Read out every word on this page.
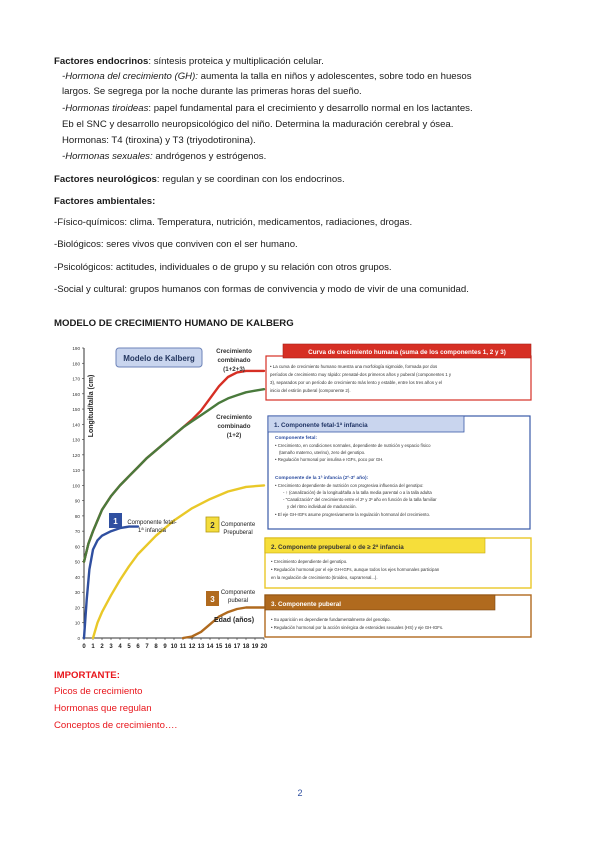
Factores endocrinos: síntesis proteica y multiplicación celular.
-Hormona del crecimiento (GH): aumenta la talla en niños y adolescentes, sobre todo en huesos
largos. Se segrega por la noche durante las primeras horas del sueño.
-Hormonas tiroideas: papel fundamental para el crecimiento y desarrollo normal en los lactantes.
Eb el SNC y desarrollo neuropsicológico del niño. Determina la maduración cerebral y ósea.
Hormonas: T4 (tiroxina) y T3 (triyodotironina).
-Hormonas sexuales: andrógenos y estrógenos.
Factores neurológicos: regulan y se coordinan con los endocrinos.
Factores ambientales:
-Físico-químicos: clima. Temperatura, nutrición, medicamentos, radiaciones, drogas.
-Biológicos: seres vivos que conviven con el ser humano.
-Psicológicos: actitudes, individuales o de grupo y su relación con otros grupos.
-Social y cultural: grupos humanos con formas de convivencia y modo de vivir de una comunidad.
MODELO DE CRECIMIENTO HUMANO DE KALBERG
0
10
20
30
40
50
60
70
80
90
100
110
120
130
140
150
160
170
180
190
0 1 2 3 4 5 6 7 8 9 10 11 12 13 14 15 16 17 18 19 20
Modelo de Kalberg
Crecimiento
combinado
(1+2+3)
Crecimiento
combinado
(1+2)
1 Componente fetal-
1ª infancia
2 Componente
Prepuberal
3
Componente
puberal
Curva de crecimiento humana (suma de los componentes 1, 2 y 3)
• La curva de crecimiento humano muestra una morfología sigmoide, formada por dos
períodos de crecimiento muy rápido: prenatal-dos primeros años y puberal (componentes 1 y
3), separados por un período de crecimiento más lento y estable, entre los tres años y el
inicio del estirón puberal (componente 2).
1. Componente fetal-1ª infancia
Componente fetal:
• Crecimiento, en condiciones normales, dependiente de nutrición y espacio físico
(tamaño materno, uterino), zero del genotipo.
• Regulación hormonal por insulina e IGFs, poco por GH.
Componente de la 1ª infancia (2º-3º año):
• Crecimiento dependiente de nutrición con progresiva influencia del genotipo:
- ↑ (canalización) de la longitud/talla a la talla media parental o a la talla adulta
- "Canalización" del crecimiento entre el 2º y 3º año en función de la talla familiar
y del ritmo individual de maduración.
• El eje GH-IGFs asume progresivamente la regulación hormonal del crecimiento.
2. Componente prepuberal o de ≥ 2ª infancia
• Crecimiento dependiente del genotipo.
• Regulación hormonal por el eje GH-IGFs, aunque todos los ejes hormonales participan
en la regulación de crecimiento (tiroideo, suprarrenal...).
3. Componente puberal
• Su aparición es dependiente fundamentalmente del genotipo.
• Regulación hormonal por la acción sinérgica de esteroides sexuales (HS) y eje GH-IGFs.
Longitud/talla (cm)
Edad (años)
IMPORTANTE:
Picos de crecimiento
Hormonas que regulan
Conceptos de crecimiento….
2
